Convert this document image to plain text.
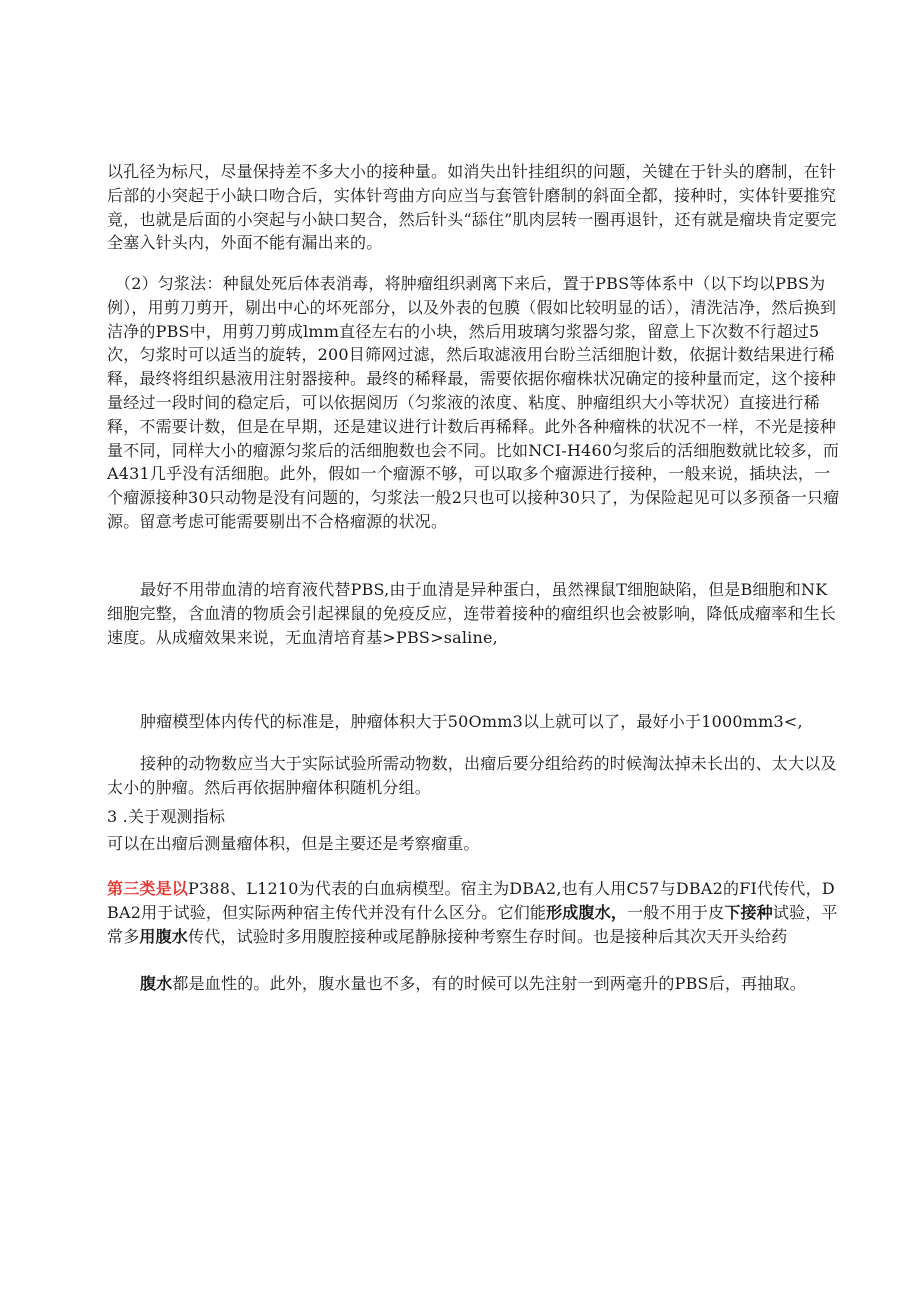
以孔径为标尺，尽量保持差不多大小的接种量。如消失出针挂组织的问题，关键在于针头的磨制，在针后部的小突起于小缺口吻合后，实体针弯曲方向应当与套管针磨制的斜面全都，接种时，实体针要推究竟，也就是后面的小突起与小缺口契合，然后针头“舔住”肌肉层转一圈再退针，还有就是瘤块肯定要完全塞入针头内，外面不能有漏出来的。

（2）匀浆法：种鼠处死后体表消毒，将肿瘤组织剥离下来后，置于PBS等体系中（以下均以PBS为例），用剪刀剪开，剔出中心的坏死部分，以及外表的包膜（假如比较明显的话），清洗洁净，然后换到洁净的PBS中，用剪刀剪成lmm直径左右的小块，然后用玻璃匀浆器匀浆，留意上下次数不行超过5次，匀浆时可以适当的旋转，200目筛网过滤，然后取滤液用台盼兰活细胞计数，依据计数结果进行稀释，最终将组织悬液用注射器接种。最终的稀释最，需要依据你瘤株状况确定的接种量而定，这个接种量经过一段时间的稳定后，可以依据阅历（匀浆液的浓度、粘度、肿瘤组织大小等状况）直接进行稀释，不需要计数，但是在早期，还是建议进行计数后再稀释。此外各种瘤株的状况不一样，不光是接种量不同，同样大小的瘤源匀浆后的活细胞数也会不同。比如NCI-H460匀浆后的活细胞数就比较多，而A431几乎没有活细胞。此外，假如一个瘤源不够，可以取多个瘤源进行接种，一般来说，插块法，一个瘤源接种30只动物是没有问题的，匀浆法一般2只也可以接种30只了，为保险起见可以多预备一只瘤源。留意考虑可能需要剔出不合格瘤源的状况。

最好不用带血清的培育液代替PBS,由于血清是异种蛋白，虽然裸鼠T细胞缺陷，但是B细胞和NK细胞完整，含血清的物质会引起裸鼠的免疫反应，连带着接种的瘤组织也会被影响，降低成瘤率和生长速度。从成瘤效果来说，无血清培育基>PBS>saline,

肿瘤模型体内传代的标准是，肿瘤体积大于50Omm3以上就可以了，最好小于1000mm3<,

接种的动物数应当大于实际试验所需动物数，出瘤后要分组给药的时候淘汰掉未长出的、太大以及太小的肿瘤。然后再依据肿瘤体积随机分组。

3 .关于观测指标

可以在出瘤后测量瘤体积，但是主要还是考察瘤重。

第三类是以P388、L1210为代表的白血病模型。宿主为DBA2,也有人用C57与DBA2的FI代传代，DBA2用于试验，但实际两种宿主传代并没有什么区分。它们能形成腹水，一般不用于皮下接种试验，平常多用腹水传代，试验时多用腹腔接种或尾静脉接种考察生存时间。也是接种后其次天开头给药

腹水都是血性的。此外，腹水量也不多，有的时候可以先注射一到两毫升的PBS后，再抽取。
